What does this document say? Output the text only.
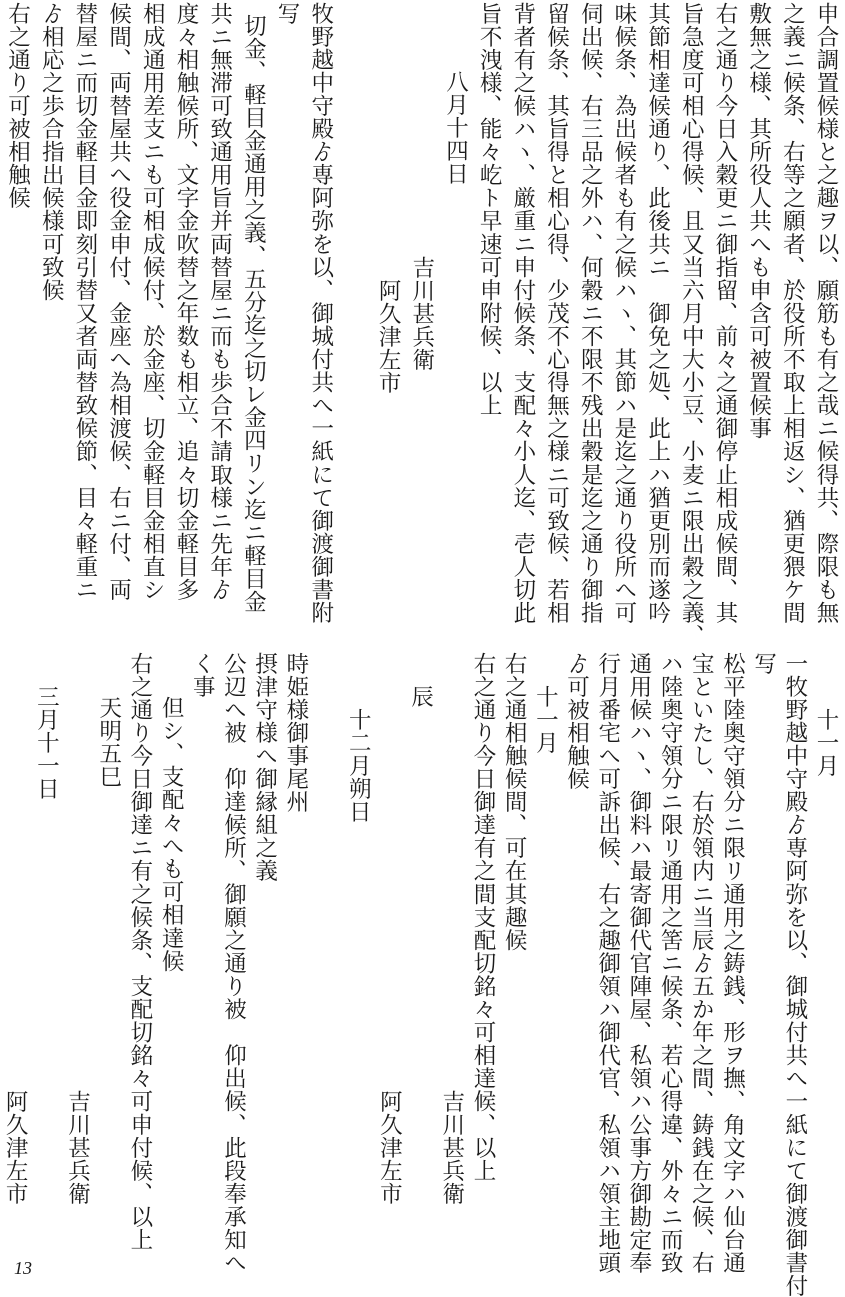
申合調置候様と之趣ヲ以、願筋も有之哉ニ候得共、際限も無
之義ニ候条、右等之願者、於役所不取上相返シ、猶更猥ケ間
敷無之様、其所役人共へも申含可被置候事
右之通り今日入穀更ニ御指留、前々之通御停止相成候間、其
旨急度可相心得候、且又当六月中大小豆、小麦ニ限出穀之義、
其節相達候通り、此後共ニ　御免之処、此上ハ猶更別而遂吟
味候条、為出候者も有之候ハヽ、其節ハ是迄之通り役所へ可
伺出候、右三品之外ハ、何穀ニ不限不残出穀是迄之通り御指
留候条、其旨得と相心得、少茂不心得無之様ニ可致候、若相
背者有之候ハヽ、厳重ニ申付候条、支配々小人迄、壱人切此
旨不洩様、能々屹ト早速可申附候、以上
八月十四日
吉川甚兵衛
阿久津左市
牧野越中守殿ゟ専阿弥を以、御城付共へ一紙にて御渡御書附
写
切金、軽目金通用之義、五分迄之切レ金四リン迄ニ軽目金
共ニ無滞可致通用旨并両替屋ニ而も歩合不請取様ニ先年ゟ
度々相触候所、文字金吹替之年数も相立、追々切金軽目多
相成通用差支ニも可相成候付、於金座、切金軽目金相直シ
候間、両替屋共へ役金申付、金座へ為相渡候、右ニ付、両
替屋ニ而切金軽目金即刻引替又者両替致候節、目々軽重ニ
ゟ相応之歩合指出候様可致候
右之通り可被相触候
十一月
一牧野越中守殿ゟ専阿弥を以、御城付共へ一紙にて御渡御書付
写
松平陸奥守領分ニ限リ通用之鋳銭、形ヲ撫、角文字ハ仙台通
宝といたし、右於領内ニ当辰ゟ五か年之間、鋳銭在之候、右
ハ陸奥守領分ニ限リ通用之筈ニ候条、若心得違、外々ニ而致
通用候ハヽ、御料ハ最寄御代官陣屋、私領ハ公事方御勘定奉
行月番宅へ可訴出候、右之趣御領ハ御代官、私領ハ領主地頭
ゟ可被相触候
十一月
右之通相触候間、可在其趣候
右之通り今日御達有之間支配切銘々可相達候、以上
吉川甚兵衛
辰
阿久津左市
十二月朔日
時姫様御事尾州
摂津守様へ御縁組之義
公辺へ被　仰達候所、御願之通り被　仰出候、此段奉承知へ
く事
但シ、支配々へも可相達候
右之通り今日御達ニ有之候条、支配切銘々可申付候、以上
天明五巳
吉川甚兵衛
三月十一日
阿久津左市
13
